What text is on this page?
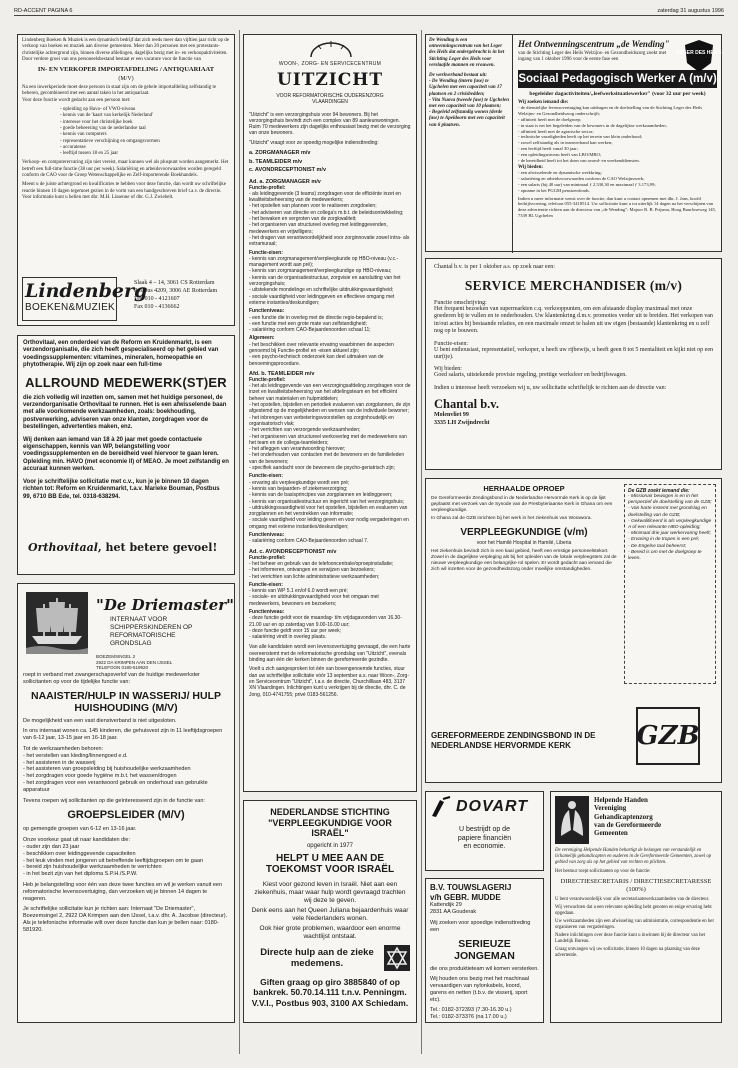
RD-ACCENT PAGINA 6	zaterdag 31 augustus 1996
Lindenberg Boeken & Muziek is een dynamisch bedrijf dat zich reeds meer dan vijftien jaar richt op de verkoop van boeken en muziek aan diverse gemeenten. Meer dan 20 personen met een protestants-christelijke achtergrond zijn, binnen diverse afdelingen, dagelijks bezig met in- en verkoopaktiviteiten. Door verdere groei van ons personeelsbestand bestaat er een vacature voor de functie van
IN- EN VERKOPER IMPORTAFDELING / ANTIQUARIAAT
(M/V)
Na een inwerkperiode moet deze persoon in staat zijn om de gehele importafdeling zelfstandig te beheren, gecombineerd met een aantal taken in het antiquariaat.
Voor deze functie wordt gedacht aan een persoon met:
- opleiding op Havo- of VWO-niveau
- kennis van de 'kaart van kerkelijk Nederland'
- interesse voor het christelijke boek
- goede beheersing van de nederlandse taal
- kennis van computers
- representatieve verschijning en omgangsvormen
- accuratesse
- leeftijd tussen 18 en 25 jaar
Verkoop- en computerervaring zijn niet vereist, maar kunnen wel als pluspunt worden aangemerkt. Het betreft een full-time functie (38 uur per week). Salariëring en arbeidsvoorwaarden worden geregeld conform de CAO voor de Groep Wetenschappelijke en Zelf-importerende Boekhandels.
Meent u de juiste achtergrond en kwalificaties te hebben voor deze functie, dan wordt uw schriftelijke reactie binnen 10 dagen tegemoet gezien in de vorm van een handgeschreven brief t.a.v. de directie. Voor informatie kunt u bellen met dhr. M.H. Lissenne of dhr. G.J. Zwiebelt.
Lindenberg
BOEKEN&MUZIEK
Slaak 4 – 14, 3061 CS Rotterdam
Postbus 4209, 3006 AE Rotterdam
Tel. 010 - 4121607
Fax 010 - 4136662
Orthovitaal, een onderdeel van de Reform en Kruidenmarkt, is een verzendorganisatie, die zich heeft gespecialiseerd op het gebied van voedingssupplementen: vitamines, mineralen, homeopathie en phytotherapie. Wij zijn op zoek naar een full-time
ALLROUND MEDEWERK(ST)ER
die zich volledig wil inzetten om, samen met het huidige personeel, de verzendorganisatie Orthovitaal te runnen. Het is een afwisselende baan met alle voorkomende werkzaamheden, zoals: boekhouding, postverwerking, adviseren van onze klanten, zorgdragen voor de bestellingen, advertenties maken, enz.
Wij denken aan iemand van 18 à 20 jaar met goede contactuele eigenschappen, kennis van WP, belangstelling voor voedingssupplementen en de bereidheid veel hiervoor te gaan leren. Opleiding min. HAVO (met economie II) of MEAO. Je moet zelfstandig en accuraat kunnen werken.
Voor je schriftelijke sollicitatie met c.v., kun je je binnen 10 dagen richten tot: Reform en Kruidenmarkt, t.a.v. Marieke Bouman, Postbus 99, 6710 BB Ede, tel. 0318-638294.
Orthovitaal, het betere gevoel!
"De Driemaster"
INTERNAAT VOOR
SCHIPPERSKINDEREN OP
REFORMATORISCHE
GRONDSLAG
BOEZEMSINGEL 2
2922 DA KRIMPEN AAN DEN IJSSEL
TELEFOON 0180-519920
roept in verband met zwangerschapsverlof van de huidige medewerkster sollicitanten op voor de tijdelijke functie van:
NAAISTER/HULP IN WASSERIJ/ HULP HUISHOUDING (M/V)
De mogelijkheid van een vast dienstverband is niet uitgesloten.
In ons internaat wonen ca. 145 kinderen, die gehuisvest zijn in 11 leeftijdsgroepen van 6-12 jaar, 13-15 jaar en 16-18 jaar.
Tot de werkzaamheden behoren:
- het verstellen van kleding/linnengoed e.d.
- het assisteren in de wasserij
- het assisteren van groepsleiding bij huishoudelijke werkzaamheden
- het zorgdragen voor goede hygiëne m.b.t. het wassen/drogen
- het zorgdragen voor een verantwoord gebruik en onderhoud van gebruikte apparatuur
Tevens roepen wij sollicitanten op die geïnteresseerd zijn in de functie van:
GROEPSLEIDER (M/V)
op gemengde groepen van 6-12 en 13-16 jaar.
Onze voorkeur gaat uit naar kandidaten die:
- ouder zijn dan 23 jaar
- beschikken over leidinggevende capaciteiten
- het leuk vinden met jongeren uit betreffende leeftijdsgroepen om te gaan
- bereid zijn huishoudelijke werkzaamheden te verrichten
- in het bezit zijn van het diploma S.P.H./S.P.W.
Heb je belangstelling voor één van deze twee functies en wil je werken vanuit een reformatorische levensovertuiging, dan verzoeken wij je binnen 14 dagen te reageren.
Je schriftelijke sollicitatie kun je richten aan: Internaat "De Driemaster", Boezemsingel 2, 2922 DA Krimpen aan den IJssel, t.a.v. dhr. A. Jacobse (directeur). Als je telefonische informatie wilt over deze functie dan kun je bellen naar: 0180-581920.
WOON-, ZORG- EN SERVICECENTRUM
UITZICHT
VOOR REFORMATORISCHE OUDERENZORG
VLAARDINGEN
"Uitzicht" is een verzorgingshuis voor 94 bewoners. Bij het verzorgingshuis bevindt zich een complex van 89 aanleunwoningen. Ruim 70 medewerkers zijn dagelijks enthousiast bezig met de verzorging van onze bewoners.
"Uitzicht" vraagt voor ze spoedig mogelijke indiensttreding:
a. ZORGMANAGER m/v
b. TEAMLEIDER m/v
c. AVONDRECEPTIONIST m/v
Ad. a. ZORGMANAGER m/v
Functie-profiel:
- als leidinggevende (3 teams) zorgdragen voor de efficiënte inzet en kwaliteitsbeheersing van de medewerkers;
- het opstellen van plannen voor te realiseren zorgdoelen;
- het adviseren van directie en collega's m.b.t. de beleidsontwikkeling;
- het bewaken en vergroten van de zorgkwaliteit;
- het organiseren van structureel overleg met leidinggevenden, medewerkers en vrijwilligers;
- het dragen van verantwoordelijkheid voor zorginnovatie zowel intra- als extramuraal;
Functie-eisen:
- kennis van zorgmanagement/verpleegkunde op HBO-niveau (v.c.-management wordt aan pré);
- kennis van zorgmanagement/verpleegkundige op HBO-niveau;
- kennis van de organisatiestructuur, zorgvisie en aansluiting van het verzorgingshuis;
- uitstekende mondelinge en schriftelijke uitdrukkingsvaardigheid;
- sociale vaardigheid voor leidinggeven en effectieve omgang met externe instanties/deskundigen;
Functieniveau:
- een functie die in overleg met de directie regio-bepalend is;
- een functie met een grote mate van zelfstandigheid;
- salariëring conform CAO-Bejaardenoorden schaal 11;
Algemeen:
- het beschikken over relevante ervaring waarbinnen de aspecten genoemd bij Functie-profiel en -eisen aktueel zijn;
- een psycho-technisch onderzoek kan deel uitmaken van de benoemingsprocedure.
Afd. b. TEAMLEIDER m/v
Functie-profiel:
- het als leidinggevende van een verzorgingsafdeling zorgdragen voor de inzet en kwaliteitsbeheersing van het afdelingsteam en het efficiënt beheer van materialen en hulpmiddelen;
- het opstellen, bijstellen en periodiek evalueren van zorgplannen, de zijn afgestemd op de mogelijkheden en wensen van de individuele bewoner;
- het inbrengen van verbeteringsvoorstellen op zorginhoudelijk en organisatorisch vlak;
- het verrichten van verzorgende werkzaamheden;
- het organiseren van structureel werkoverleg met de medewerkers van het team en de collega-teamleiders;
- het afleggen van verantwoording hierover;
- het onderhouden van contacten met de bewoners en de familieleden van de bewoners;
- specifiek aandacht voor de bewoners die psycho-geriatrisch zijn;
Functie-eisen:
- ervaring als verpleegkundige wordt een pré;
- kennis van bejaarden- of ziekenverzorging;
- kennis van de basisprincipes van zorgplannen en leidinggeven;
- kennis van organisatiestructuur en ingericht van het verzorgingshuis;
- uitdrukkingsvaardigheid voor het opstellen, bijstellen en evalueren van zorgplannen en het verstrekken van informatie;
- sociale vaardigheid voor leiding geven en voor nodig vergaderingen en omgang met externe instanties/deskundigen;
Functieniveau:
- salariëring conform CAO-Bejaardenoorden schaal 7.
Ad. c. AVONDRECEPTIONIST m/v
Functie-profiel:
- het beheer en gebruik van de telefooncentrale/oproepinstallatie;
- het informeren, ontvangen en verwijzen van bezoekers;
- het verrichten van lichte administratieve werkzaamheden;
Functie-eisen:
- kennis van WP 5.1 en/of 6.0 wordt een pré;
- sociale- en uitdrukkingsvaardigheid voor het omgaan met medewerkers, bewoners en bezoekers;
Functieniveau:
- deze functie geldt voor de maandag- t/m vrijdagavonden van 16.30-21.00 uur en op zaterdag van 9.00-16.00 uur;
- deze functie geldt voor 15 uur per week;
- salariëring vindt in overleg plaats.
Van alle kandidaten wordt een levensovertuiging gevraagd, die een harte overeenstemt met de reformatorische grondslag van "Uitzicht", evenals binding aan één der kerken binnen de gereformeerde gezindte.
Voelt u zich aangesproken tot één van bovengenoemde functies, stuur dan uw schriftelijke sollicitatie vóór 13 september a.s. naar Woon-, Zorg- en Servicecentrum "Uitzicht", t.a.v. de directie, Churchilllaan 483, 3137 XN Vlaardingen. Inlichtingen kunt u verkrijgen bij de directie, dhr. C. de Jong, 010-4741755; privé 0183-561256.
NEDERLANDSE STICHTING "VERPLEEGKUNDIGE VOOR ISRAËL"
opgericht in 1977
HELPT U MEE AAN DE TOEKOMST VOOR ISRAËL
Kiest voor gezond leven in Israël. Niet aan een ziekenhuis, maar waar hulp wordt gevraagd trachten wij deze te geven.
Denk eens aan het Queen Juliana bejaardenhuis waar vele Nederlanders wonen.
Ook hier grote problemen, waardoor een enorme wachtlijst ontstaat.
Directe hulp aan de zieke medemens.
Giften graag op giro 3885840 of op bankrek. 50.70.14.111 t.n.v. Penningm. V.V.I., Postbus 903, 3100 AX Schiedam.
De Wending is een ontwenningscentrum van het Leger des Heils dat ondergebracht is in het Stichting Leger des Heils voor verslaafde mannen en vrouwen.
De werkverband bestaat uit:
- De Wending (intern fase) te Ugchelen met een capaciteit van 17 plaatsen en 2 crisisbedden;
- Vita Nuova (tweede fase) te Ugchelen met een capaciteit van 10 plaatsen;
- Begeleid zelfstandig wonen (derde fase) te Apeldoorn met een capaciteit van 6 plaatsen.
Het Ontwenningscentrum „de Wending"
van de Stichting Leger des Heils Welzijns- en Gezondheidszorg zoekt met ingang van 1 oktober 1996 voor de eerste fase een
LEGER DES HEILS
Sociaal Pedagogisch Werker A (m/v)
begeleider dagactiviteiten/„leefwerksituatiewerker" (voor 32 uur per week)
Wij zoeken iemand die:
- de dienstelijke levensovertuiging kan uitdragen en de doelstelling van de Stichting Leger des Heils Welzijns- en Gezondheidszorg onderschrijft;
- affiniteit heeft met de doelgroep;
- in staat is net het begeleiden van de bewoners in de dagelijkse werkzaamheden;
- affiniteit heeft met de agrarische sector;
- technische vaardigheden heeft op het terrein van klein onderhoud;
- zowel zelfstandig als in teamverband kan werken;
- een leeftijd heeft vanaf 30 jaar;
- een opleidingsniveau heeft van LBO/MBO;
- de bereidheid heeft tot het doen van avond- en weekenddiensten.
Wij bieden:
- een afwisselende en dynamische werkkring;
- salariëring en arbeidsvoorwaarden conform de CAO Welzijnswerk;
- een salaris (bij 40 uur) van minimaal ƒ 2.530,30 en maximaal ƒ 3.173,99;
- opname in het PGGM pensioenfonds.
Indien u meer informatie wenst over de functie, dan kunt u contact opnemen met dhr. J. Jans, hoofd bedrijfsvoering, telefoon 055-3418514. Uw sollicitatie kunt u tot uiterlijk 14 dagen na het verschijnen van deze advertentie richten aan de directeur van „de Wending": Majoor R. B. Prijsma, Hoog Buurloseweg 145, 7339 BL Ugchelen
Chantal b.v. is per 1 oktober a.s. op zoek naar een:
SERVICE MERCHANDISER (m/v)
Functie omschrijving:
Het frequent bezoeken van supermarkten c.q. verkooppunten, om een afstaande display maximaal met onze goederen bij te vullen en te onderhouden. Uw klantenkring d.m.v. promoties verder uit te breiden. Het verkopen van in/out acties bij bestaande relaties, en een maximale omzet te halen uit uw eigen (bestaande) klantenkring en u zelf nog op te bouwen.
Functie-eisen:
U bent enthousiast, representatief, verkoper, u heeft uw rijbewijs, u heeft geen 8 tot 5 mentaliteit en kijkt niet op een uur(tje).
Wij bieden:
Goed salaris, uitstekende provisie regeling, prettige werksfeer en bedrijfswagen.
Indien u interesse heeft verzoeken wij u, uw sollicitatie schriftelijk te richten aan de directie van:
Chantal b.v.
Molenvliet 99
3335 LH Zwijndrecht
HERHAALDE OPROEP
De Gereformeerde Zendingsbond in de Nederlandse Hervormde Kerk is op de lijst geplaatst met verzoek van de Synode van de Presbyteriaanse Kerk in Ghana om een verpleegkundige.
In Ghana zal de GZB inrichten bij het werk in het ziekenhuis van Worawora.
VERPLEEGKUNDIGE (v/m)
voor het Hamilé Hospital in Hamilé, Liberia
Het ziekenhuis bevindt zich in een kaal gebied, heeft een ernstige personeelstekort. Zowel in de dagelijkse verpleging als bij het opleiden van de lokale verpleegsters zal de nieuwe verpleegkundige een belangrijke rol spelen. Er wordt gedacht aan iemand die zich wil inzetten voor de gezondheidszorg onder moeilijke omstandigheden.
De GZB zoekt iemand die:
- Missionair bewogen is en in het perspectief de doelstelling van de GZB;
- Van harte instemt met grondslag en doelstelling van de GZB;
- Gekwalificeerd is als verpleegkundige A of een relevante HBO-opleiding;
- Minimaal drie jaar werkervaring heeft;
- Ervaring in de tropen is een pré;
- De Engelse taal beheerst;
- Bereid is om met de doelgroep te leven.
GZB
GEREFORMEERDE ZENDINGSBOND IN DE NEDERLANDSE HERVORMDE KERK
DOVART
U bestrijdt op de
papiere financiën
en economie.
B.V. TOUWSLAGERIJ
v/h GEBR. MUDDE
Kattendijk 29
2831 AA Gouderak
Wij zoeken voor spoedige indiensttreding een
SERIEUZE
JONGEMAN
die ons produktieteam wil komen versterken.
Wij houden ons bezig met het machinaal vervaardigen van nylonkabels, koord, garens en netten (t.b.v. de visserij, sport etc).
Tel.: 0182-372393 (7.30-16.30 u.)
Tel.: 0182-373376 (na 17.00 u.)
Helpende Handen
Vereniging
Gehandicaptenzorg
van de Gereformeerde
Gemeenten
De vereniging Helpende Handen behartigt de belangen van verstandelijk en lichamelijk gehandicapten en ouderen in de Gereformeerde Gemeenten, zowel op gebied van zorg als op het gebied van rechten en plichten.
Het bestuur roept sollicitanten op voor de functie:
DIRECTIESECRETARIS / DIRECTIESECRETARESSE (100%)
U bent verantwoordelijk voor alle secretariaatswerkzaamheden van de directeur.
Wij verwachten dat u een relevante opleiding hebt genoten en enige ervaring hebt opgedaan.
Uw werkzaamheden zijn een afwisseling van administratie, correspondentie en het organiseren van vergaderingen.
Nadere inlichtingen over deze functie kunt u inwinnen bij de directeur van het Landelijk Bureau.
Graag ontvangen wij uw sollicitatie, binnen 10 dagen na plaatsing van deze advertentie.
